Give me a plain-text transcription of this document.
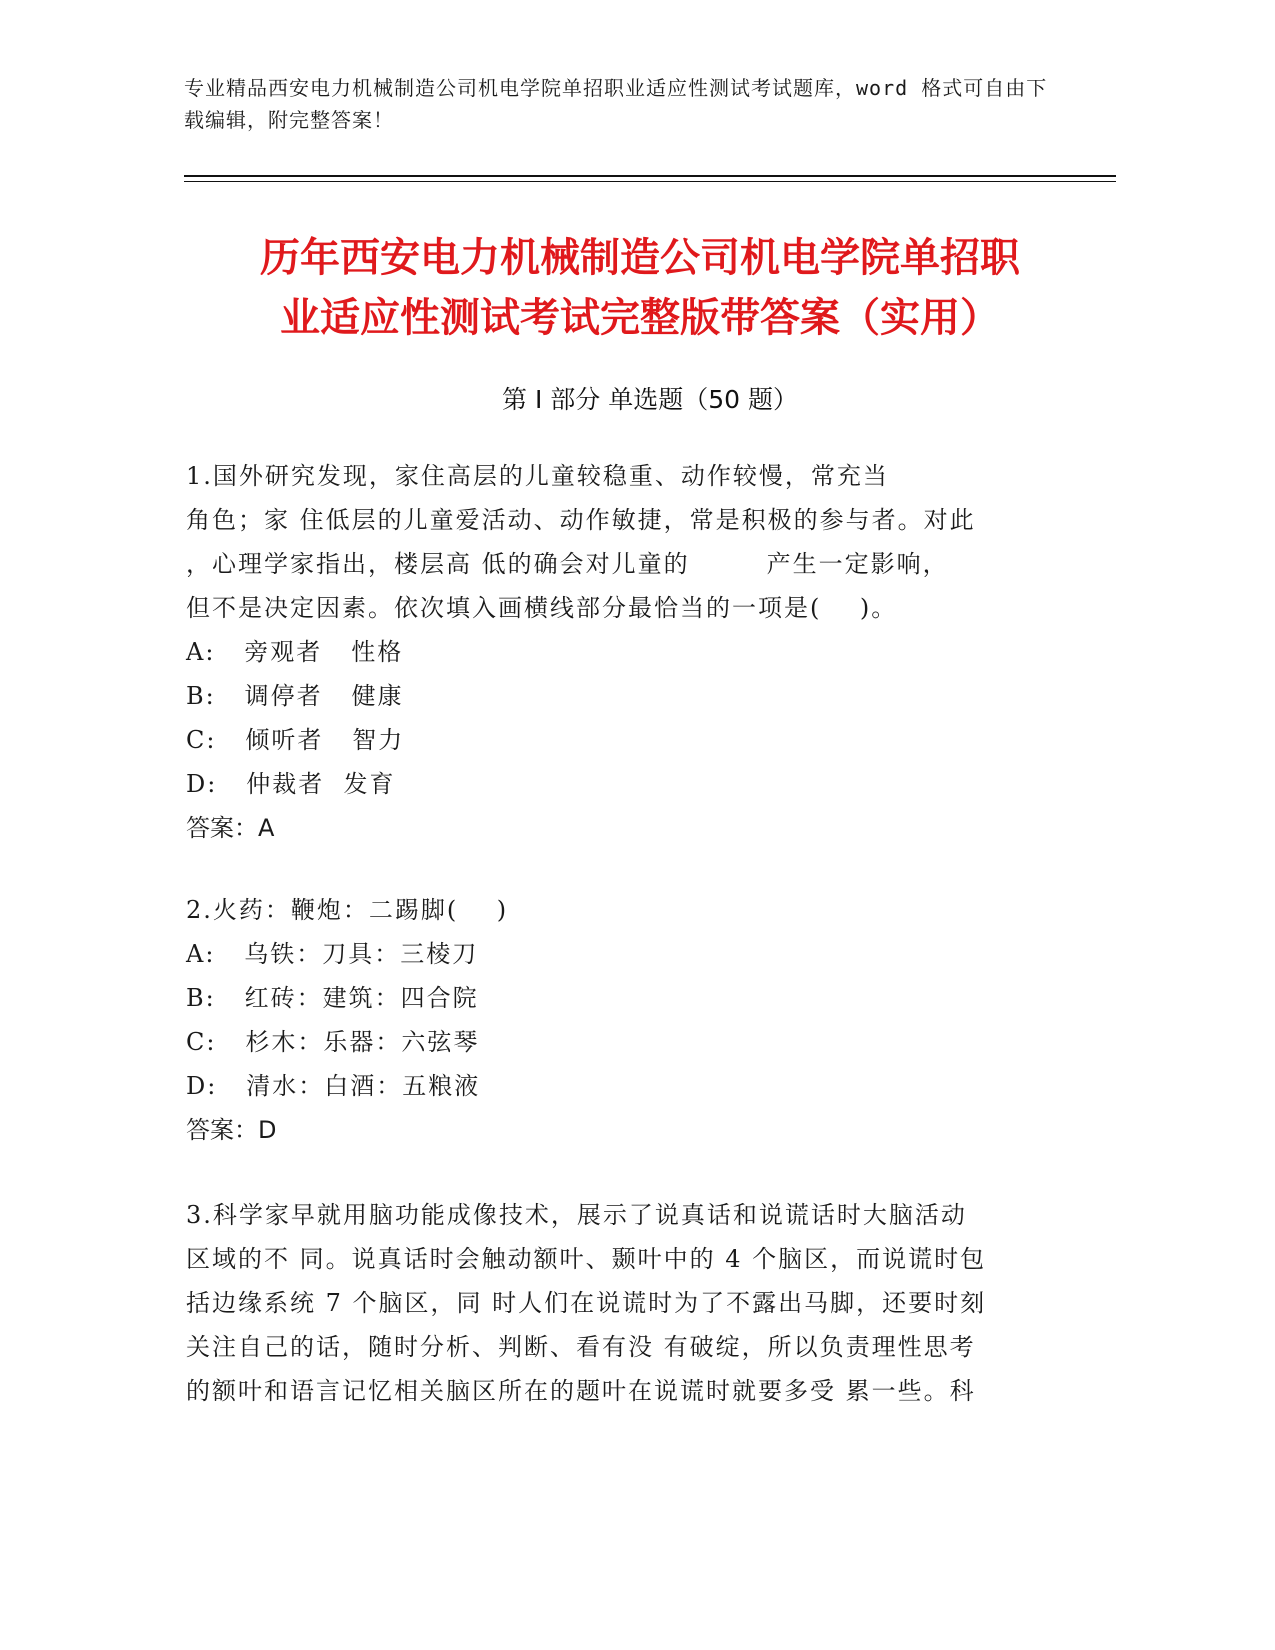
专业精品西安电力机械制造公司机电学院单招职业适应性测试考试题库，word 格式可自由下载编辑，附完整答案！
历年西安电力机械制造公司机电学院单招职
业适应性测试考试完整版带答案（实用）
第 I 部分 单选题（50 题）
1.国外研究发现，家住高层的儿童较稳重、动作较慢，常充当
角色；家 住低层的儿童爱活动、动作敏捷，常是积极的参与者。对此
，心理学家指出，楼层高 低的确会对儿童的        产生一定影响，
但不是决定因素。依次填入画横线部分最恰当的一项是(    )。
A:   旁观者   性格
B:   调停者   健康
C:   倾听者   智力
D:   仲裁者  发育
答案：A
2.火药：鞭炮：二踢脚(    )
A:   乌铁：刀具：三棱刀
B:   红砖：建筑：四合院
C:   杉木：乐器：六弦琴
D:   清水：白酒：五粮液
答案：D
3.科学家早就用脑功能成像技术，展示了说真话和说谎话时大脑活动
区域的不 同。说真话时会触动额叶、颞叶中的 4 个脑区，而说谎时包
括边缘系统 7 个脑区，同 时人们在说谎时为了不露出马脚，还要时刻
关注自己的话，随时分析、判断、看有没 有破绽，所以负责理性思考
的额叶和语言记忆相关脑区所在的题叶在说谎时就要多受 累一些。科
